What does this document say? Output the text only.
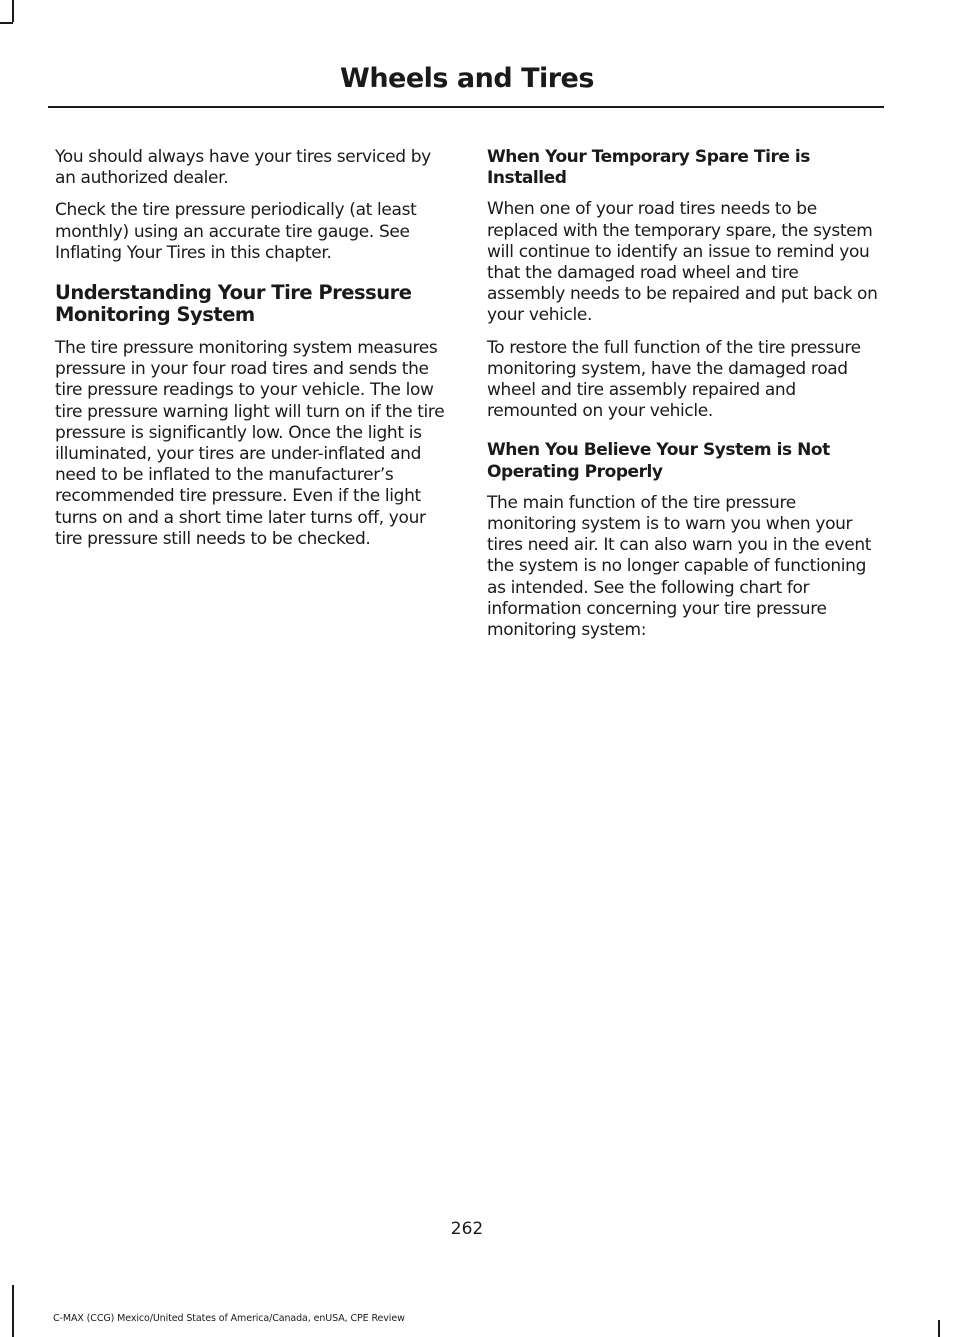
Wheels and Tires

You should always have your tires serviced by an authorized dealer.

Check the tire pressure periodically (at least monthly) using an accurate tire gauge. See Inflating Your Tires in this chapter.

Understanding Your Tire Pressure Monitoring System

The tire pressure monitoring system measures pressure in your four road tires and sends the tire pressure readings to your vehicle. The low tire pressure warning light will turn on if the tire pressure is significantly low. Once the light is illuminated, your tires are under-inflated and need to be inflated to the manufacturer’s recommended tire pressure. Even if the light turns on and a short time later turns off, your tire pressure still needs to be checked.

When Your Temporary Spare Tire is Installed

When one of your road tires needs to be replaced with the temporary spare, the system will continue to identify an issue to remind you that the damaged road wheel and tire assembly needs to be repaired and put back on your vehicle.

To restore the full function of the tire pressure monitoring system, have the damaged road wheel and tire assembly repaired and remounted on your vehicle.

When You Believe Your System is Not Operating Properly

The main function of the tire pressure monitoring system is to warn you when your tires need air. It can also warn you in the event the system is no longer capable of functioning as intended. See the following chart for information concerning your tire pressure monitoring system:

262
C-MAX (CCG) Mexico/United States of America/Canada, enUSA, CPE Review
